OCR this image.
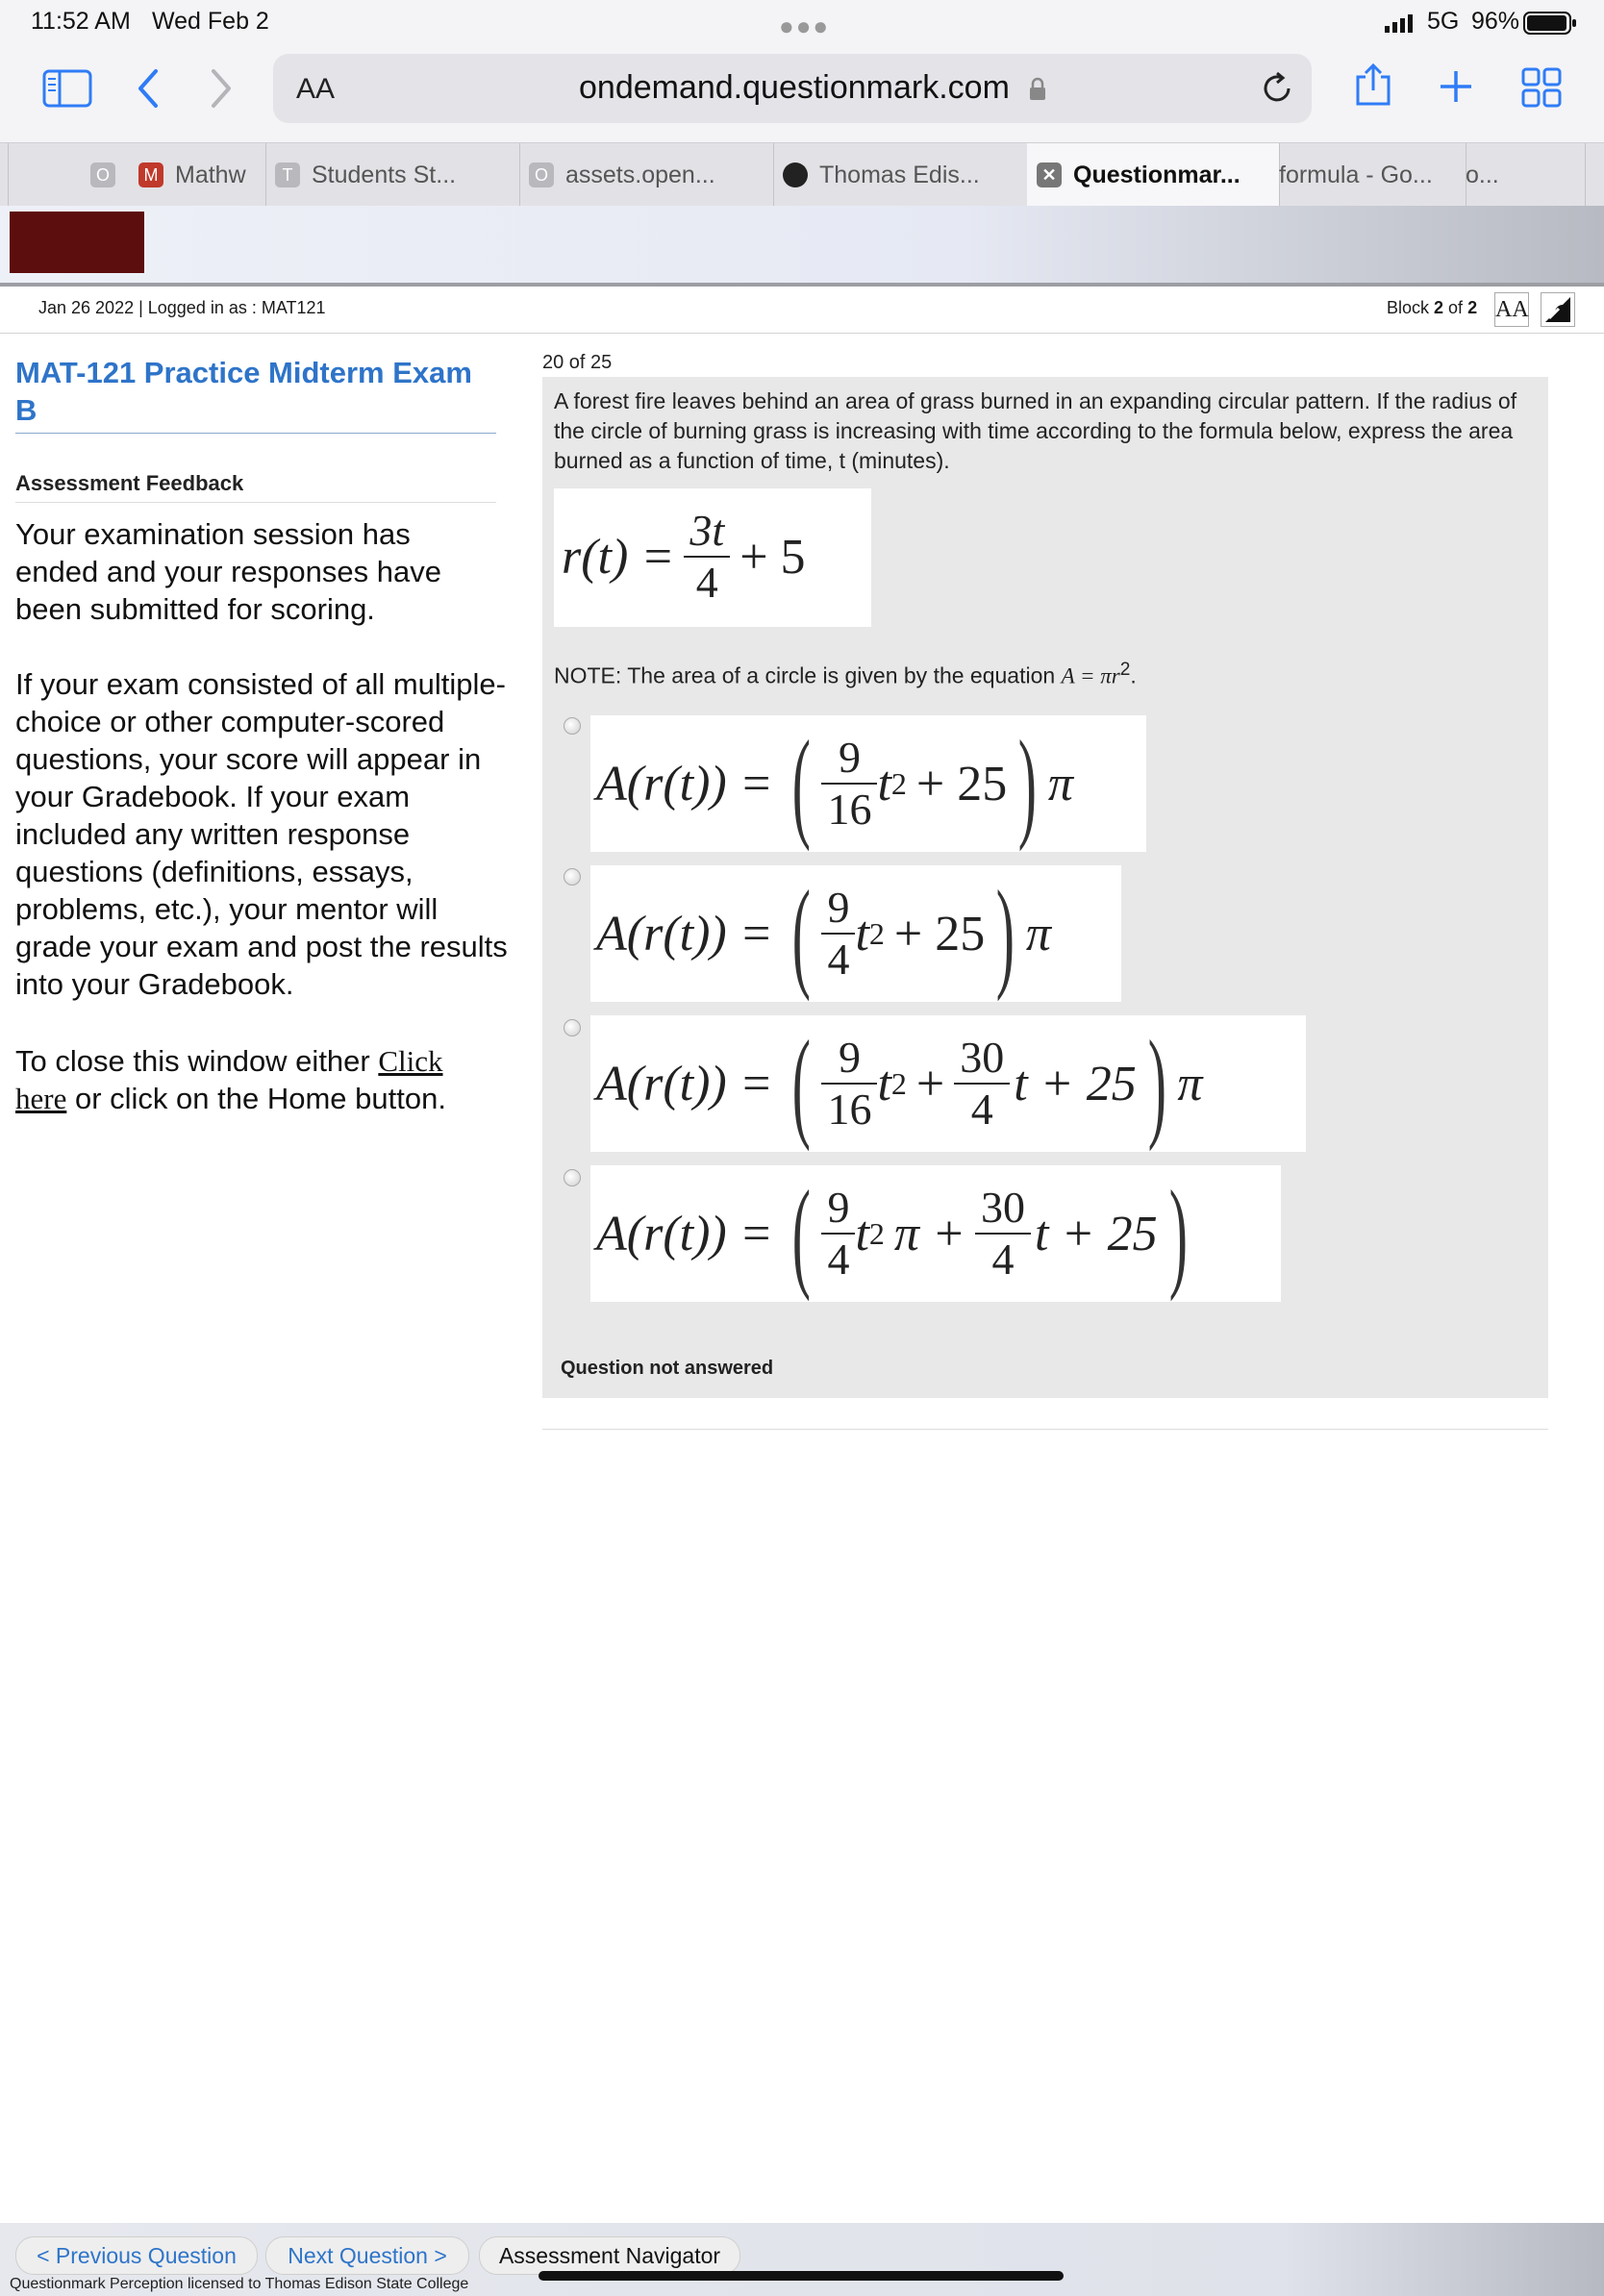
11:52 AM Wed Feb 2	●●●	5G 96%
AA	ondemand.questionmark.com
O	M Mathw	T Students St...	O assets.open...	Thomas Edis...	✕ Questionmar... formula - Go... o...
Jan 26 2022 | Logged in as : MAT121	Block 2 of 2 AA
MAT-121 Practice Midterm Exam B
Assessment Feedback
Your examination session has ended and your responses have been submitted for scoring.
If your exam consisted of all multiple-choice or other computer-scored questions, your score will appear in your Gradebook. If your exam included any written response questions (definitions, essays, problems, etc.), your mentor will grade your exam and post the results into your Gradebook.
To close this window either Click here or click on the Home button.
20 of 25
A forest fire leaves behind an area of grass burned in an expanding circular pattern. If the radius of the circle of burning grass is increasing with time according to the formula below, express the area burned as a function of time, t (minutes).
$r(t) = \frac{3t}{4} + 5$
NOTE: The area of a circle is given by the equation $A = \pi r^2$.
A(r(t)) = ( $\frac{9}{16}$ t 2 + 25 ) π
A(r(t)) = ( $\frac{9}{4}$ t 2 + 25 ) π
A(r(t)) = ( $\frac{9}{16}$ t $2 + \frac{30}{4}$ t + 25 ) π
A(r(t)) = ( $\frac{9}{4}$ t 2 $\pi + \frac{30}{4}$ t + 25 )
Question not answered
< Previous Question	Next Question >	Assessment Navigator
Questionmark Perception licensed to Thomas Edison State College
